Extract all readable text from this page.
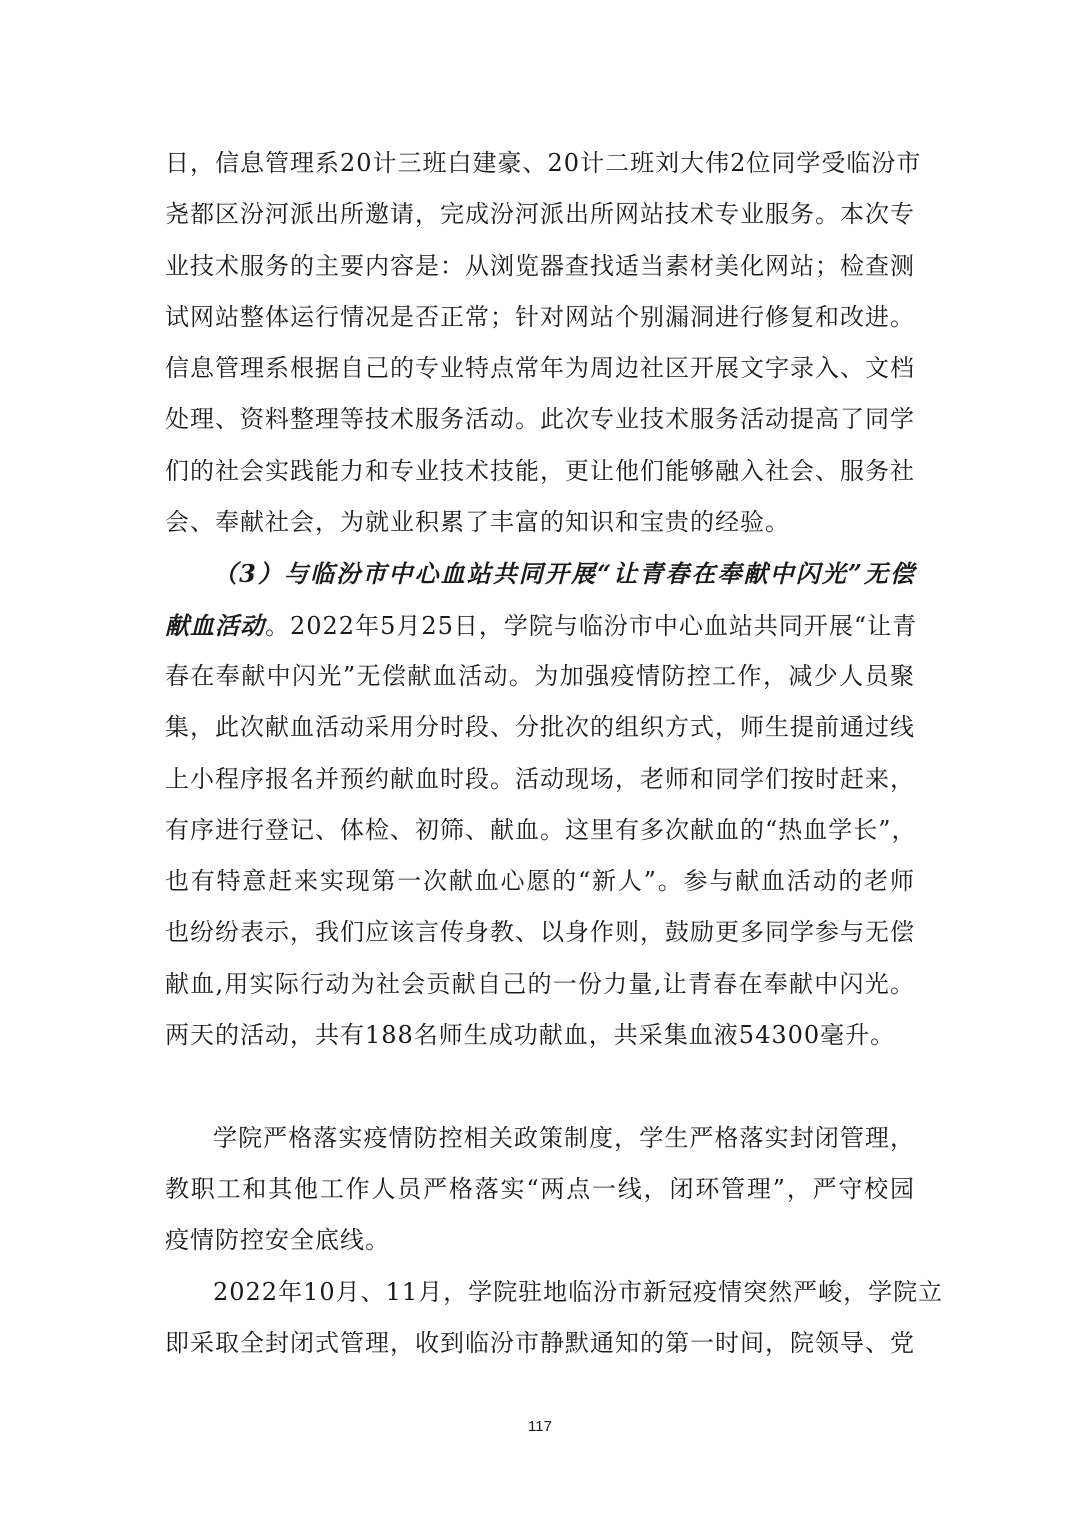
日，信息管理系20计三班白建豪、20计二班刘大伟2位同学受临汾市
尧都区汾河派出所邀请，完成汾河派出所网站技术专业服务。本次专
业技术服务的主要内容是：从浏览器查找适当素材美化网站；检查测
试网站整体运行情况是否正常；针对网站个别漏洞进行修复和改进。
信息管理系根据自己的专业特点常年为周边社区开展文字录入、文档
处理、资料整理等技术服务活动。此次专业技术服务活动提高了同学
们的社会实践能力和专业技术技能，更让他们能够融入社会、服务社
会、奉献社会，为就业积累了丰富的知识和宝贵的经验。
（3）与临汾市中心血站共同开展“让青春在奉献中闪光”无偿
献血活动。2022年5月25日，学院与临汾市中心血站共同开展“让青
春在奉献中闪光”无偿献血活动。为加强疫情防控工作，减少人员聚
集，此次献血活动采用分时段、分批次的组织方式，师生提前通过线
上小程序报名并预约献血时段。活动现场，老师和同学们按时赶来，
有序进行登记、体检、初筛、献血。这里有多次献血的“热血学长”，
也有特意赶来实现第一次献血心愿的“新人”。参与献血活动的老师
也纷纷表示，我们应该言传身教、以身作则，鼓励更多同学参与无偿
献血,用实际行动为社会贡献自己的一份力量,让青春在奉献中闪光。
两天的活动，共有188名师生成功献血，共采集血液54300毫升。
学院严格落实疫情防控相关政策制度，学生严格落实封闭管理，
教职工和其他工作人员严格落实“两点一线，闭环管理”，严守校园
疫情防控安全底线。
2022年10月、11月，学院驻地临汾市新冠疫情突然严峻，学院立
即采取全封闭式管理，收到临汾市静默通知的第一时间，院领导、党
117
